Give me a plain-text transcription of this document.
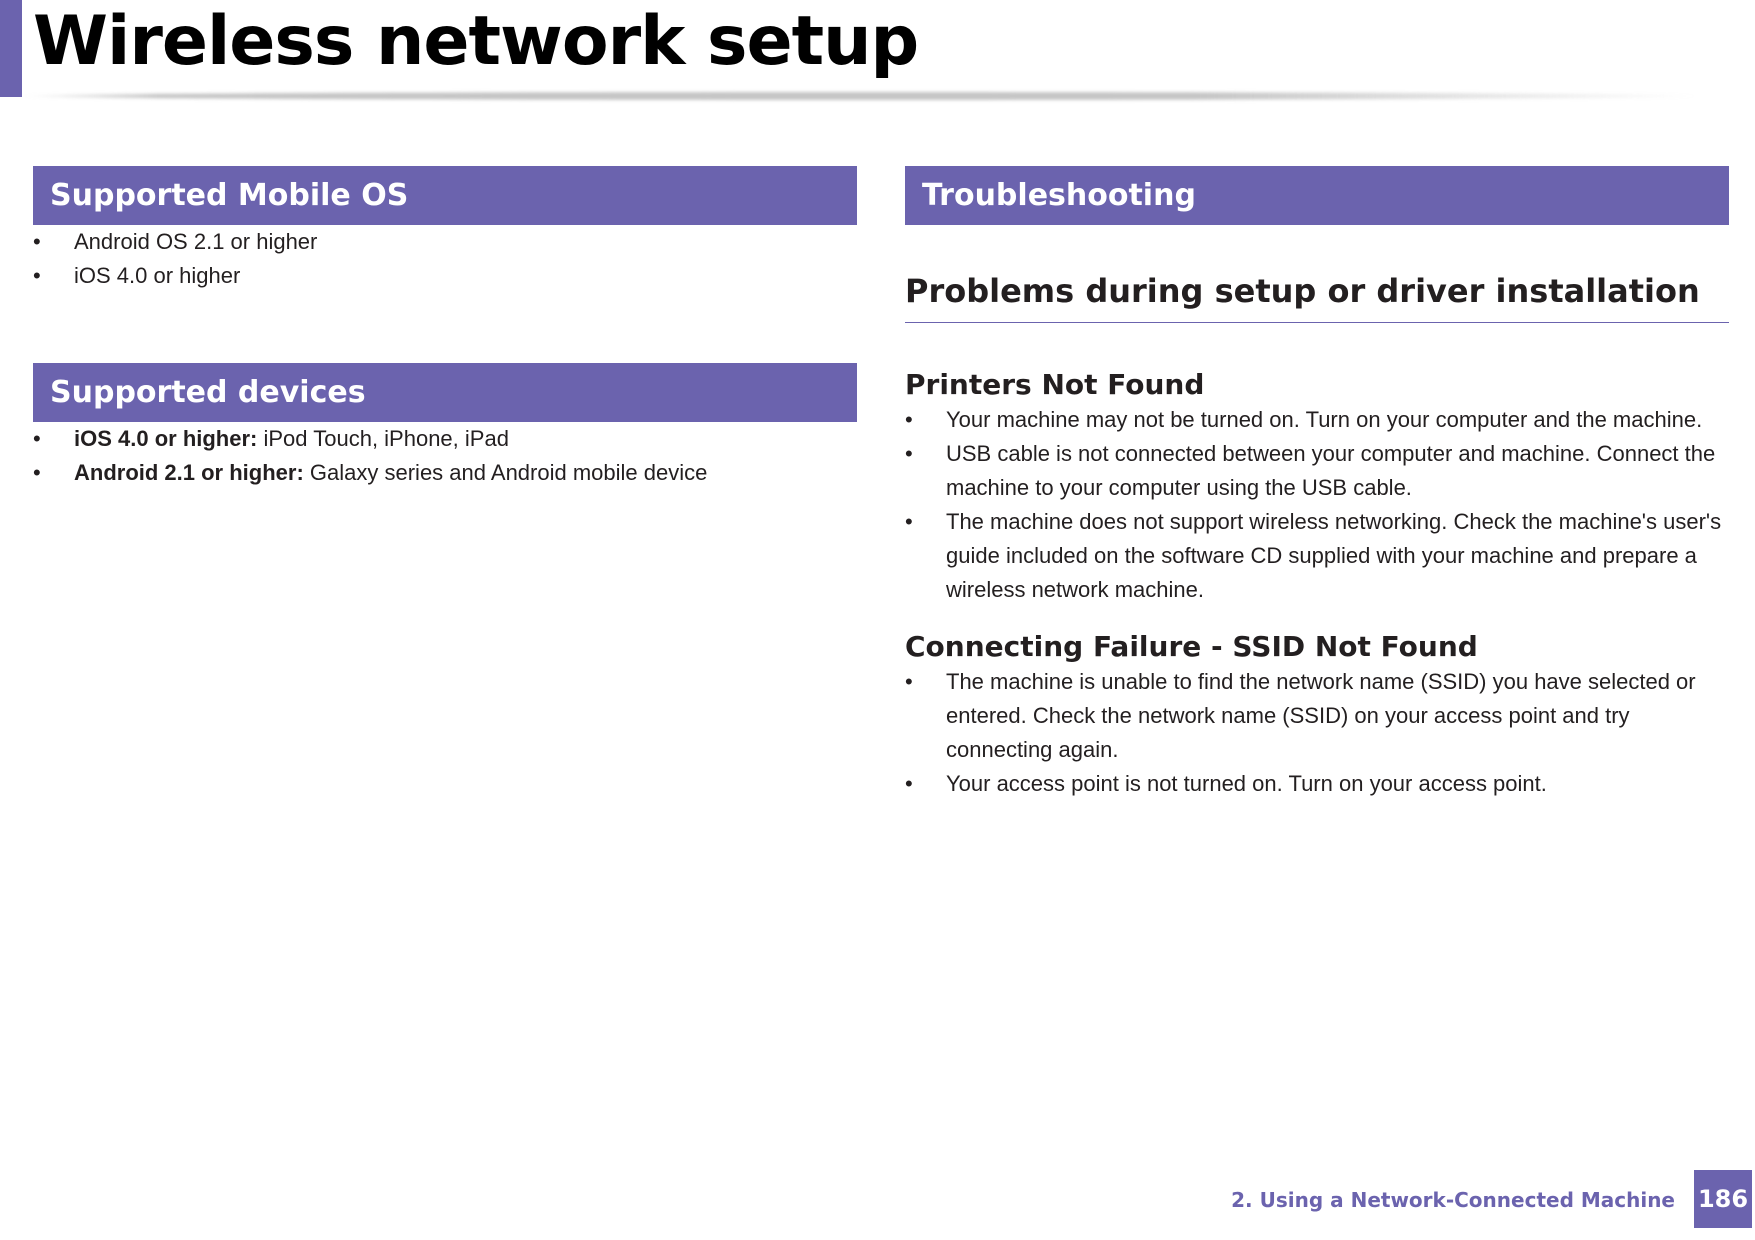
Wireless network setup
Supported Mobile OS
• Android OS 2.1 or higher
• iOS 4.0 or higher
Supported devices
• iOS 4.0 or higher: iPod Touch, iPhone, iPad
• Android 2.1 or higher: Galaxy series and Android mobile device
Troubleshooting
Problems during setup or driver installation
Printers Not Found
• Your machine may not be turned on. Turn on your computer and the machine.
• USB cable is not connected between your computer and machine. Connect the machine to your computer using the USB cable.
• The machine does not support wireless networking. Check the machine's user's guide included on the software CD supplied with your machine and prepare a wireless network machine.
Connecting Failure - SSID Not Found
• The machine is unable to find the network name (SSID) you have selected or entered. Check the network name (SSID) on your access point and try connecting again.
• Your access point is not turned on. Turn on your access point.
2. Using a Network-Connected Machine 186
